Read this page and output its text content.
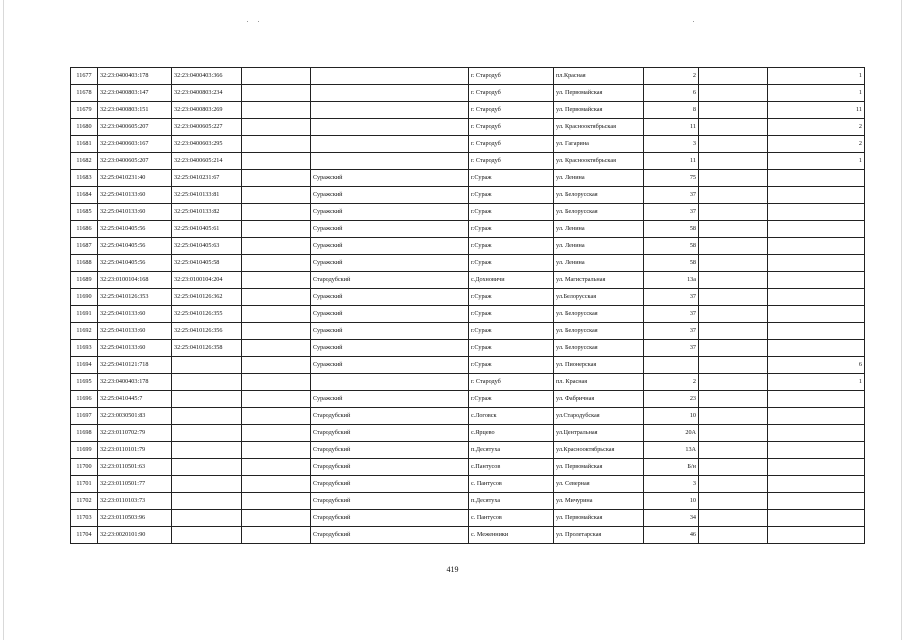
11677	32:23:0400403:178	32:23:0400403:366			г. Стародуб	пл.Красная	2		1
11678	32:23:0400803:147	32:23:0400803:234			г. Стародуб	ул. Первомайская	6		1
11679	32:23:0400803:151	32:23:0400803:269			г. Стародуб	ул. Первомайская	8		11
11680	32:23:0400605:207	32:23:0400605:227			г. Стародуб	ул. Краснооктябрьская	11		2
11681	32:23:0400603:167	32:23:0400603:295			г. Стародуб	ул. Гагарина	3		2
11682	32:23:0400605:207	32:23:0400605:214			г. Стародуб	ул. Краснооктябрьская	11		1
11683	32:25:0410231:40	32:25:0410231:67		Суражский	г.Сураж	ул. Ленина	75		
11684	32:25:0410133:60	32:25:0410133:81		Суражский	г.Сураж	ул. Белорусская	37		
11685	32:25:0410133:60	32:25:0410133:82		Суражский	г.Сураж	ул. Белорусская	37		
11686	32:25:0410405:56	32:25:0410405:61		Суражский	г.Сураж	ул. Ленина	58		
11687	32:25:0410405:56	32:25:0410405:63		Суражский	г.Сураж	ул. Ленина	58		
11688	32:25:0410405:56	32:25:0410405:58		Суражский	г.Сураж	ул. Ленина	58		
11689	32:23:0100104:168	32:23:0100104:204		Стародубский	с.Дохновичи	ул. Магистральная	13а		
11690	32:25:0410126:353	32:25:0410126:362		Суражский	г.Сураж	ул.Белорусская	37		
11691	32:25:0410133:60	32:25:0410126:355		Суражский	г.Сураж	ул. Белорусская	37		
11692	32:25:0410133:60	32:25:0410126:356		Суражский	г.Сураж	ул. Белорусская	37		
11693	32:25:0410133:60	32:25:0410126:358		Суражский	г.Сураж	ул. Белорусская	37		
11694	32:25:0410121:718			Суражский	г.Сураж	ул. Пионерская			6
11695	32:23:0400403:178				г. Стародуб	пл. Красная	2		1
11696	32:25:0410445:7			Суражский	г.Сураж	ул. Фабричная	23		
11697	32:23:0030501:83			Стародубский	с.Логовск	ул.Стародубская	10		
11698	32:23:0110702:79			Стародубский	с.Ярцево	ул.Центральная	20А		
11699	32:23:0110101:79			Стародубский	п.Десятуха	ул.Краснооктябрьская	13А		
11700	32:23:0110501:63			Стародубский	с.Пантусов	ул. Первомайская	Б/н		
11701	32:23:0110501:77			Стародубский	с. Пантусов	ул. Северная	3		
11702	32:23:0110103:73			Стародубский	п.Десятуха	ул. Мичурина	10		
11703	32:23:0110503:96			Стародубский	с. Пантусов	ул. Первомайская	34		
11704	32:23:0020101:90			Стародубский	с. Меженники	ул. Пролетарская	46		
419
